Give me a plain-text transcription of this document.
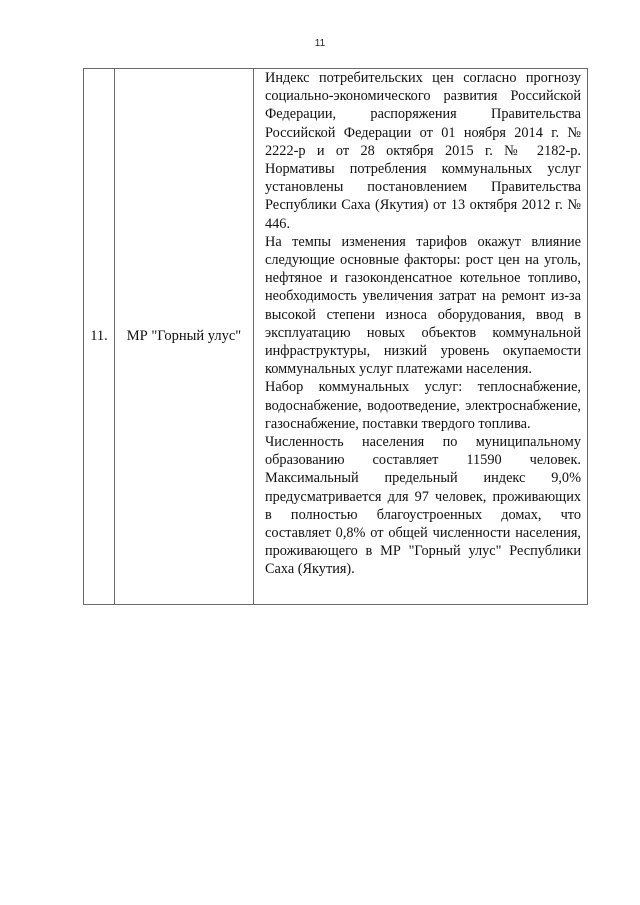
11
11.	МР "Горный улус"	

Индекс потребительских цен согласно прогнозу социально-экономического развития Российской Федерации, распоряжения Правительства Российской Федерации от 01 ноября 2014 г. № 2222-р и от 28 октября 2015 г. № 2182-р. Нормативы потребления коммунальных услуг установлены постановлением Правительства Республики Саха (Якутия) от 13 октября 2012 г. № 446.

На темпы изменения тарифов окажут влияние следующие основные факторы: рост цен на уголь, нефтяное и газоконденсатное котельное топливо, необходимость увеличения затрат на ремонт из-за высокой степени износа оборудования, ввод в эксплуатацию новых объектов коммунальной инфраструктуры, низкий уровень окупаемости коммунальных услуг платежами населения.

Набор коммунальных услуг: теплоснабжение, водоснабжение, водоотведение, электроснабжение, газоснабжение, поставки твердого топлива.

Численность населения по муниципальному образованию составляет 11590 человек. Максимальный предельный индекс 9,0% предусматривается для 97 человек, проживающих в полностью благоустроенных домах, что составляет 0,8% от общей численности населения, проживающего в МР "Горный улус" Республики Саха (Якутия).
